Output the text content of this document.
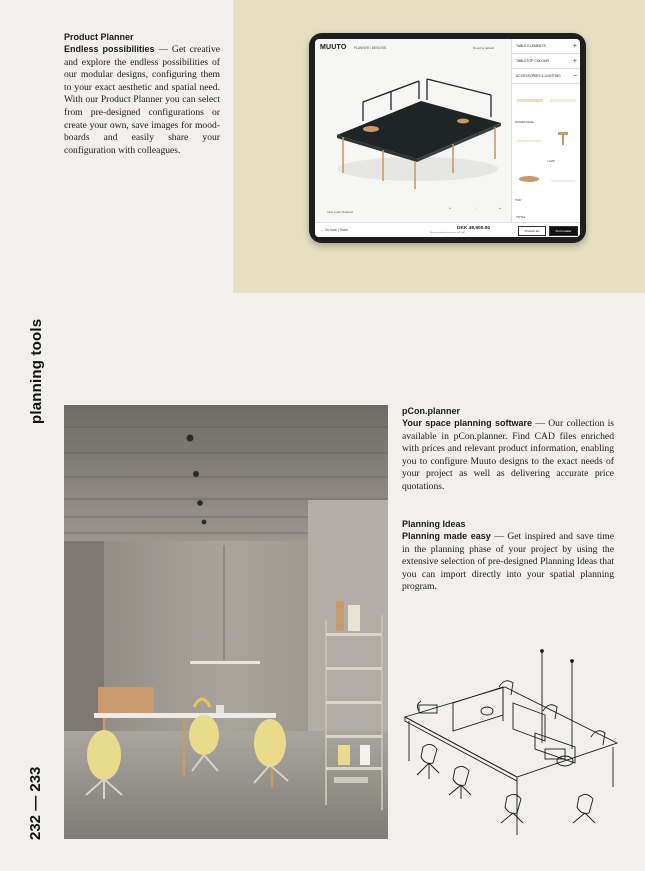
Product Planner
Endless possibilities — Get creative and explore the endless possibilities of our modular designs, configuring them to your exact aesthetic and spatial need. With our Product Planner you can select from pre-designed configurations or create your own, save images for mood-boards and easily share your configuration with colleagues.
MUUTO PLANNER / DESIGNS	Reset to default
View mode Shadows
▭	○	●
TABLE ELEMENTS	+
TABLETOP COLOUR	+
ACCESSORIES & LIGHTING −
DIVIDER PANEL
LAMP
TRAY
TOTAL
← Go back | Share	DKK 49,900.00
Recommended retail price, incl. VAT	Product list	Find retailer
planning tools
232 — 233
pCon.planner
Your space planning software — Our collection is available in pCon.planner. Find CAD files enriched with prices and relevant product information, enabling you to configure Muuto designs to the exact needs of your project as well as delivering accurate price quotations.
Planning Ideas
Planning made easy — Get inspired and save time in the planning phase of your project by using the extensive selection of pre-designed Planning Ideas that you can import directly into your spatial planning program.
